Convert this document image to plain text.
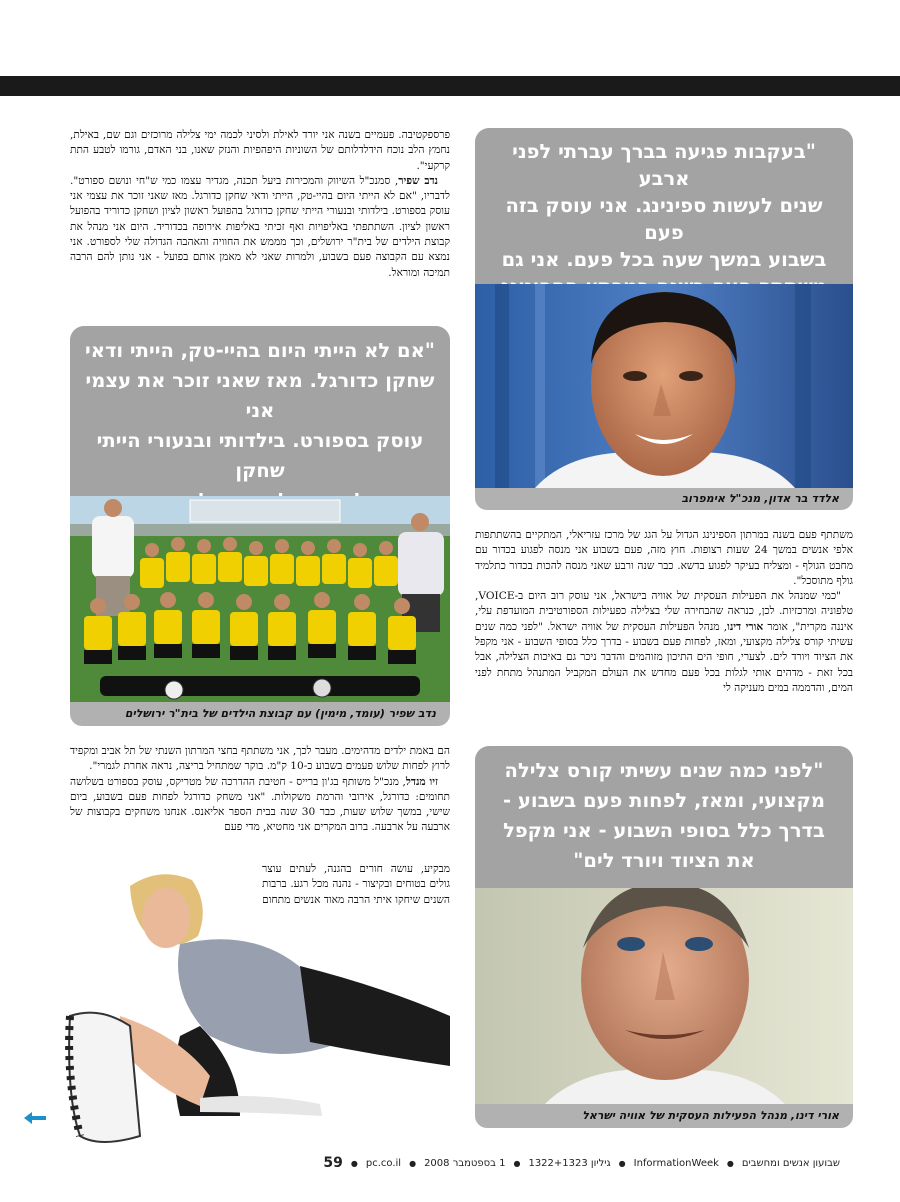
פרספקטיבה. פעמיים בשנה אני יורד לאילת ולסיני לכמה ימי צלילה מרוכזים וגם שם, באילת, נחמץ הלב נוכח הידלדלותם של השוניות היפהפיות והנזק שאנו, בני האדם, גורמו לטבע התת קרקעי".

נדב שפיר, סמנכ"ל השיווק והמכירות ביעל תכנה, מגדיר עצמו כמי ש"חי ונושם ספורט". לדבריו, "אם לא הייתי היום בהיי-טק, הייתי ודאי שחקן כדורגל. מאז שאני זוכר את עצמי אני עוסק בספורט. בילדותי ובנעורי הייתי שחקן כדורגל בהפועל ראשון לציון ושחקן כדוריד בהפועל ראשון לציון. השתתפתי באליפויות ואף זכיתי באליפות אירופה בכדוריד. היום אני מנהל את קבוצת הילדים של בית"ר ירושלים, וכך מממש את החוויה והאהבה הגדולה שלי לספורט. אני נמצא עם הקבוצה פעם בשבוע, ולמרות שאני לא מאמן אותם בפועל - אני נותן להם הרבה תמיכה ומוראל.

"בעקבות פגיעה בברך עברתי לפני ארבע
שנים לעשות ספינינג. אני עוסק בזה פעם
בשבוע במשך שעה בכל פעם. אני גם
אלדד בר אדון, מנכ"ל אימפרוב
"אם לא הייתי היום בהיי-טק, הייתי ודאי
שחקן כדורגל. מאז שאני זוכר את עצמי אני
עוסק בספורט. בילדותי ובנעורי הייתי שחקן
נדב שפיר (עומד, מימין) עם קבוצת הילדים של בית"ר ירושלים

משתתף פעם בשנה במרתון הספינינג הגדול על הגג של מרכז עזריאלי, המתקיים בהשתתפות אלפי אנשים במשך 24 שעות רצופות. חוץ מזה, פעם בשבוע אני מנסה לפגוע בכדור עם מחבט הגולף - ומצליח בעיקר לפגוע בדשא. כבר שנה ורבע שאני מנסה להכות בכדור כתלמיד גולף מתוסכל".

"כמי שמנהל את הפעילות העסקית של אוויה בישראל, אני עוסק רוב היום ב-VOICE, טלפוניה ומרכזיות. לכן, כנראה שהבחירה שלי בצלילה כפעילות הספורטיבית המועדפת עלי, איננה מקרית", אומר אורי דינו, מנהל הפעילות העסקית של אוויה ישראל. "לפני כמה שנים עשיתי קורס צלילה מקצועי, ומאז, לפחות פעם בשבוע - בדרך כלל בסופי השבוע - אני מקפל את הציוד ויורד לים. לצערי, חופי הים התיכון מזוהמים והדבר ניכר גם באיכות הצלילה, אבל בכל זאת - מדהים אותי לגלות בכל פעם מחדש את העולם המקביל המתנהל מתחת לפני המים, והדממה במים מעניקה לי

הם באמת ילדים מדהימים. מעבר לכך, אני משתתף בחצי המרתון השנתי של תל אביב ומקפיד לרוץ לפחות שלוש פעמים בשבוע כ-10 ק"מ. בוקר שמתחיל בריצה, נראה אחרת לגמרי".

זיו מנדל, מנכ"ל משותף בג'ון ברייס - חטיבת ההדרכה של מטריקס, עוסק בספורט בשלושה תחומים: כדורגל, אירובי והרמת משקולות. "אני משחק כדורגל לפחות פעם בשבוע, ביום שישי, במשך שלוש שעות, כבר 30 שנה בבית הספר אליאנס. אנחנו משחקים בקבוצות של ארבעה על ארבעה. ברוב המקרים אני מחטיא, מדי פעם

מבקיע, עושה חורים בהגנה, לעתים עוצר גולים בטוחים ובקיצור - נהנה מכל רגע. ברבות השנים שיחקו איתי הרבה מאוד אנשים מתחום

"לפני כמה שנים עשיתי קורס צלילה
מקצועי, ומאז, לפחות פעם בשבוע -
בדרך כלל בסופי השבוע - אני מקפל
את הציוד ויורד לים"
אורי דינו, מנהל הפעילות העסקית של אוויה ישראל
שבועון אנשים ומחשבים
●
InformationWeek
●
גיליון 1322+1323
●
1 בספטמבר 2008
●
pc.co.il
●
59
